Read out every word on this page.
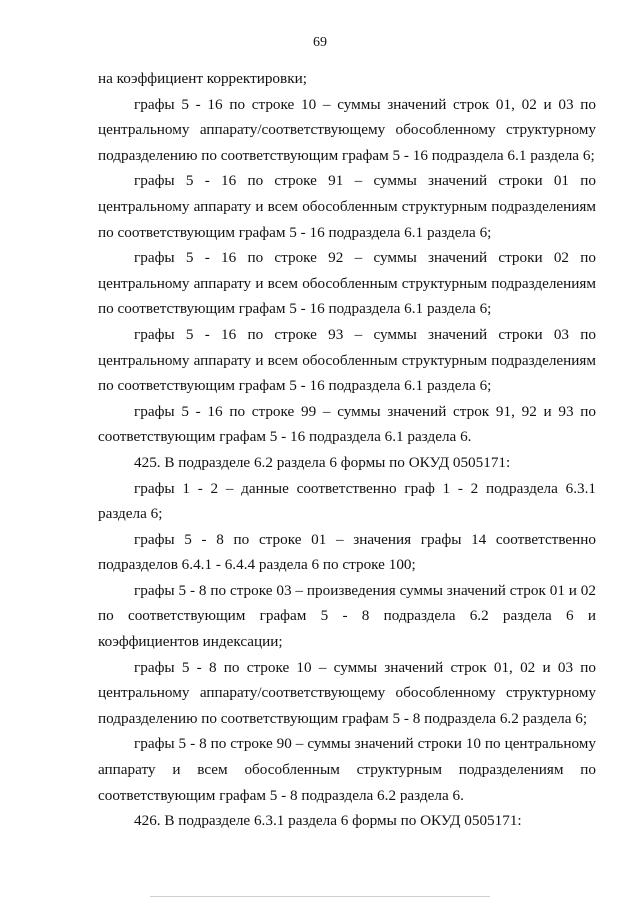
69

на коэффициент корректировки;

графы 5 - 16 по строке 10 – суммы значений строк 01, 02 и 03 по центральному аппарату/соответствующему обособленному структурному подразделению по соответствующим графам 5 - 16 подраздела 6.1 раздела 6;

графы 5 - 16 по строке 91 – суммы значений строки 01 по центральному аппарату и всем обособленным структурным подразделениям по соответствующим графам 5 - 16 подраздела 6.1 раздела 6;

графы 5 - 16 по строке 92 – суммы значений строки 02 по центральному аппарату и всем обособленным структурным подразделениям по соответствующим графам 5 - 16 подраздела 6.1 раздела 6;

графы 5 - 16 по строке 93 – суммы значений строки 03 по центральному аппарату и всем обособленным структурным подразделениям по соответствующим графам 5 - 16 подраздела 6.1 раздела 6;

графы 5 - 16 по строке 99 – суммы значений строк 91, 92 и 93 по соответствующим графам 5 - 16 подраздела 6.1 раздела 6.

425. В подразделе 6.2 раздела 6 формы по ОКУД 0505171:

графы 1 - 2 – данные соответственно граф 1 - 2 подраздела 6.3.1 раздела 6;

графы 5 - 8 по строке 01 – значения графы 14 соответственно подразделов 6.4.1 - 6.4.4 раздела 6 по строке 100;

графы 5 - 8 по строке 03 – произведения суммы значений строк 01 и 02 по соответствующим графам 5 - 8 подраздела 6.2 раздела 6 и коэффициентов индексации;

графы 5 - 8 по строке 10 – суммы значений строк 01, 02 и 03 по центральному аппарату/соответствующему обособленному структурному подразделению по соответствующим графам 5 - 8 подраздела 6.2 раздела 6;

графы 5 - 8 по строке 90 – суммы значений строки 10 по центральному аппарату и всем обособленным структурным подразделениям по соответствующим графам 5 - 8 подраздела 6.2 раздела 6.

426. В подразделе 6.3.1 раздела 6 формы по ОКУД 0505171:
